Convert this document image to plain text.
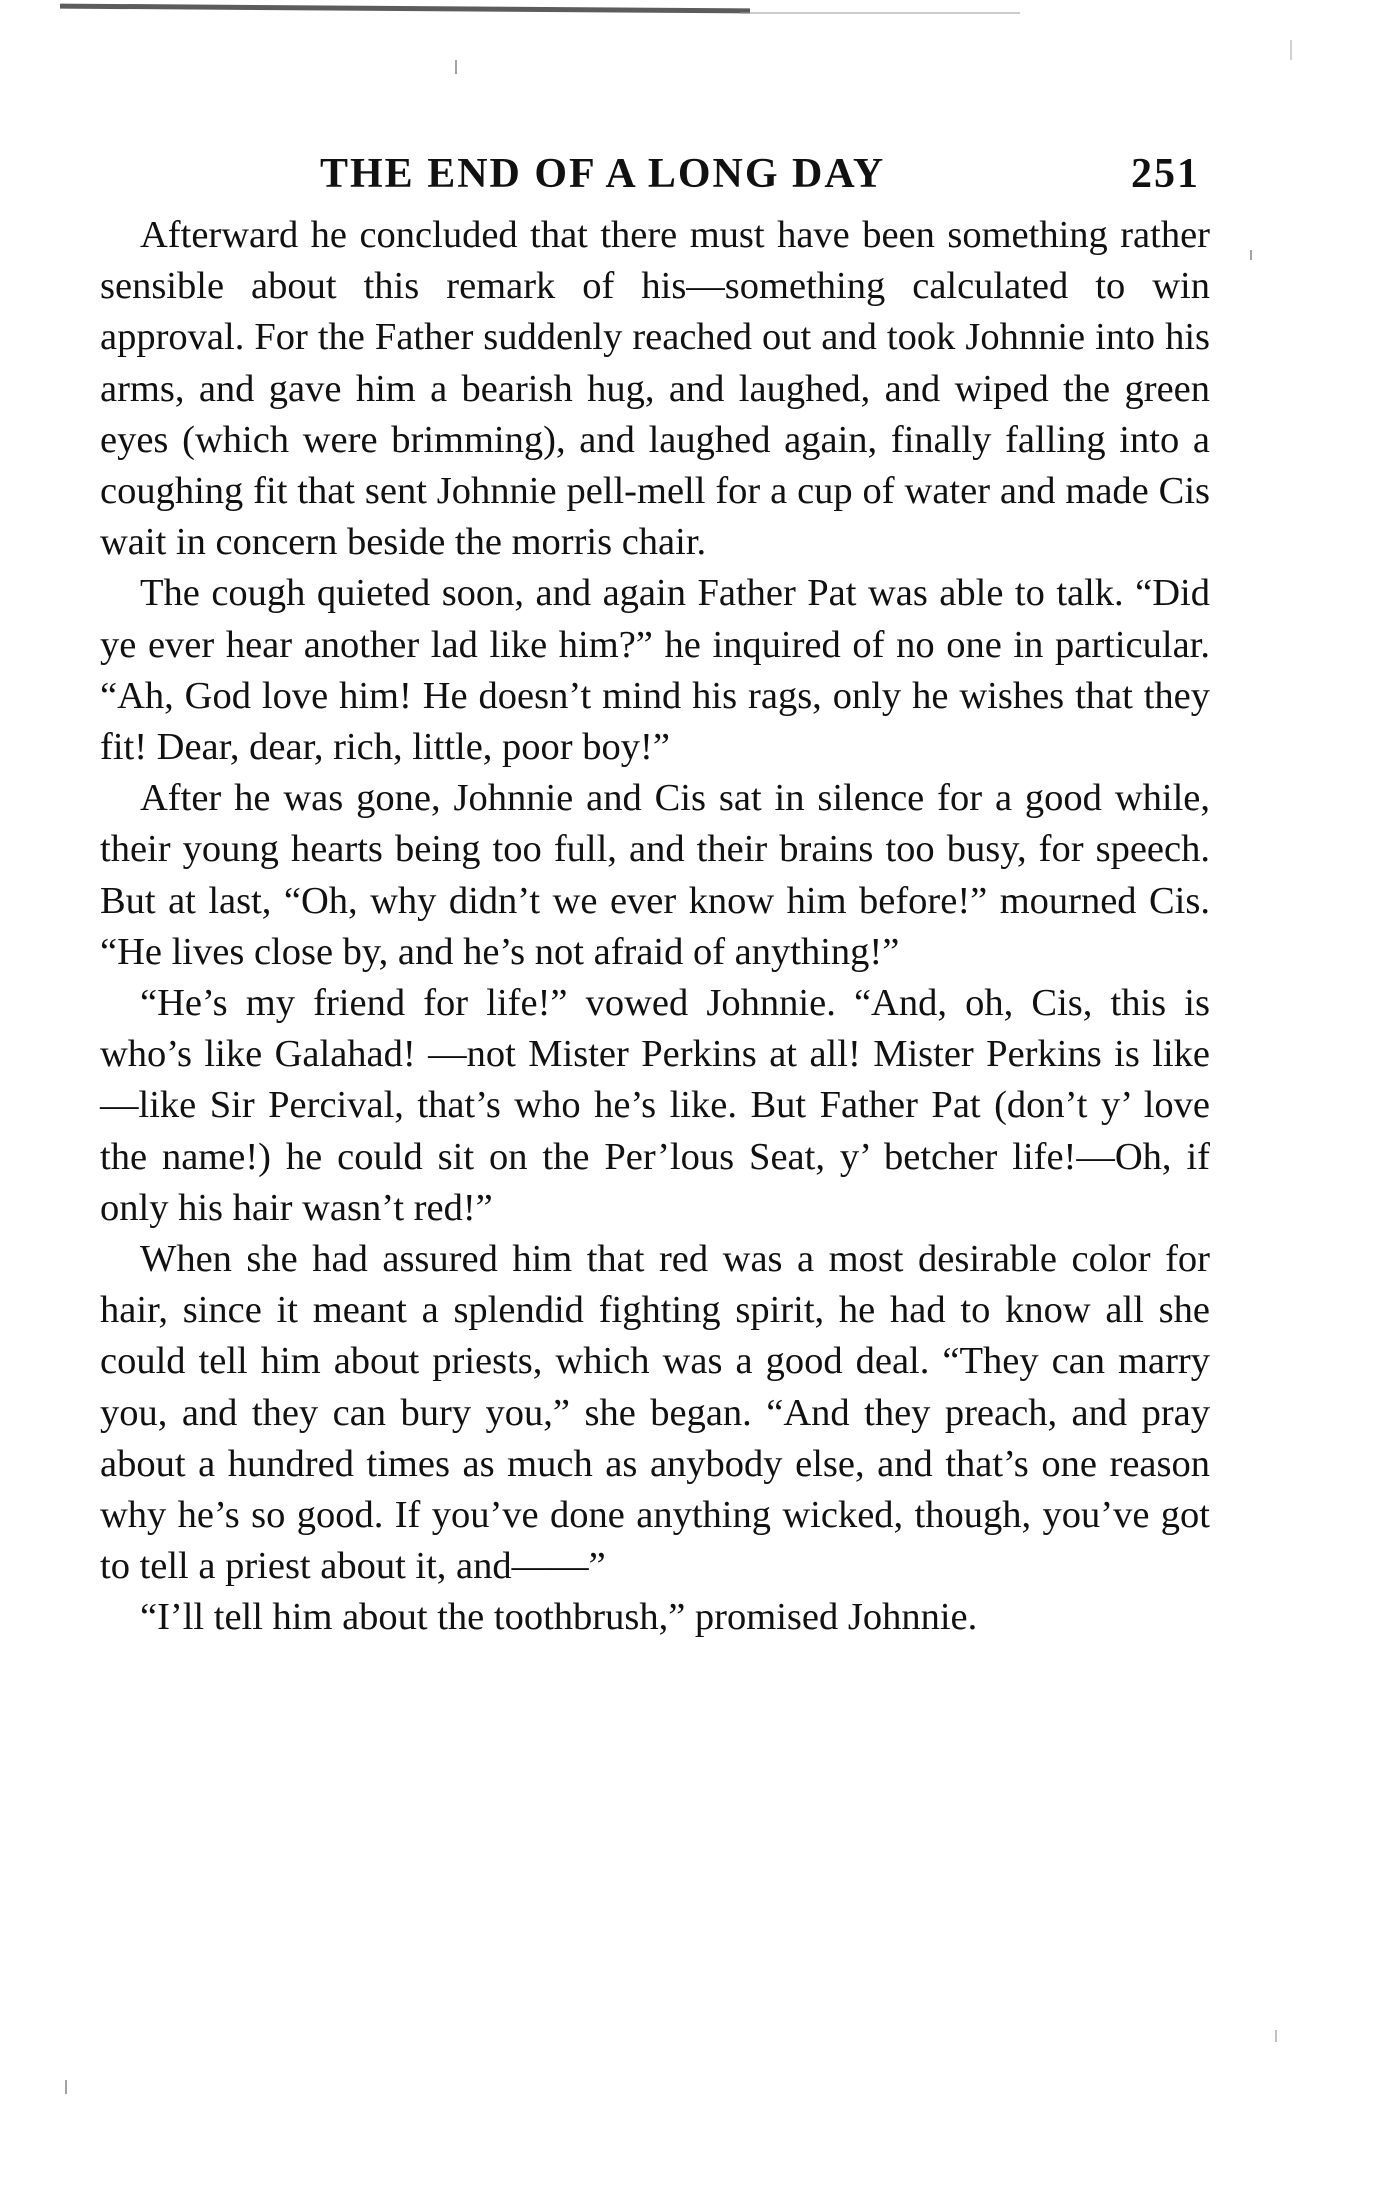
THE END OF A LONG DAY	251

Afterward he concluded that there must have been something rather sensible about this remark of his—something calculated to win approval. For the Father suddenly reached out and took Johnnie into his arms, and gave him a bearish hug, and laughed, and wiped the green eyes (which were brimming), and laughed again, finally falling into a coughing fit that sent Johnnie pell-mell for a cup of water and made Cis wait in concern beside the morris chair.

The cough quieted soon, and again Father Pat was able to talk. “Did ye ever hear another lad like him?” he inquired of no one in particular. “Ah, God love him! He doesn’t mind his rags, only he wishes that they fit! Dear, dear, rich, little, poor boy!”

After he was gone, Johnnie and Cis sat in silence for a good while, their young hearts being too full, and their brains too busy, for speech. But at last, “Oh, why didn’t we ever know him before!” mourned Cis. “He lives close by, and he’s not afraid of anything!”

“He’s my friend for life!” vowed Johnnie. “And, oh, Cis, this is who’s like Galahad! —not Mister Perkins at all! Mister Perkins is like—like Sir Percival, that’s who he’s like. But Father Pat (don’t y’ love the name!) he could sit on the Per’lous Seat, y’ betcher life!—Oh, if only his hair wasn’t red!”

When she had assured him that red was a most desirable color for hair, since it meant a splendid fighting spirit, he had to know all she could tell him about priests, which was a good deal. “They can marry you, and they can bury you,” she began. “And they preach, and pray about a hundred times as much as anybody else, and that’s one reason why he’s so good. If you’ve done anything wicked, though, you’ve got to tell a priest about it, and——”

“I’ll tell him about the toothbrush,” promised Johnnie.
